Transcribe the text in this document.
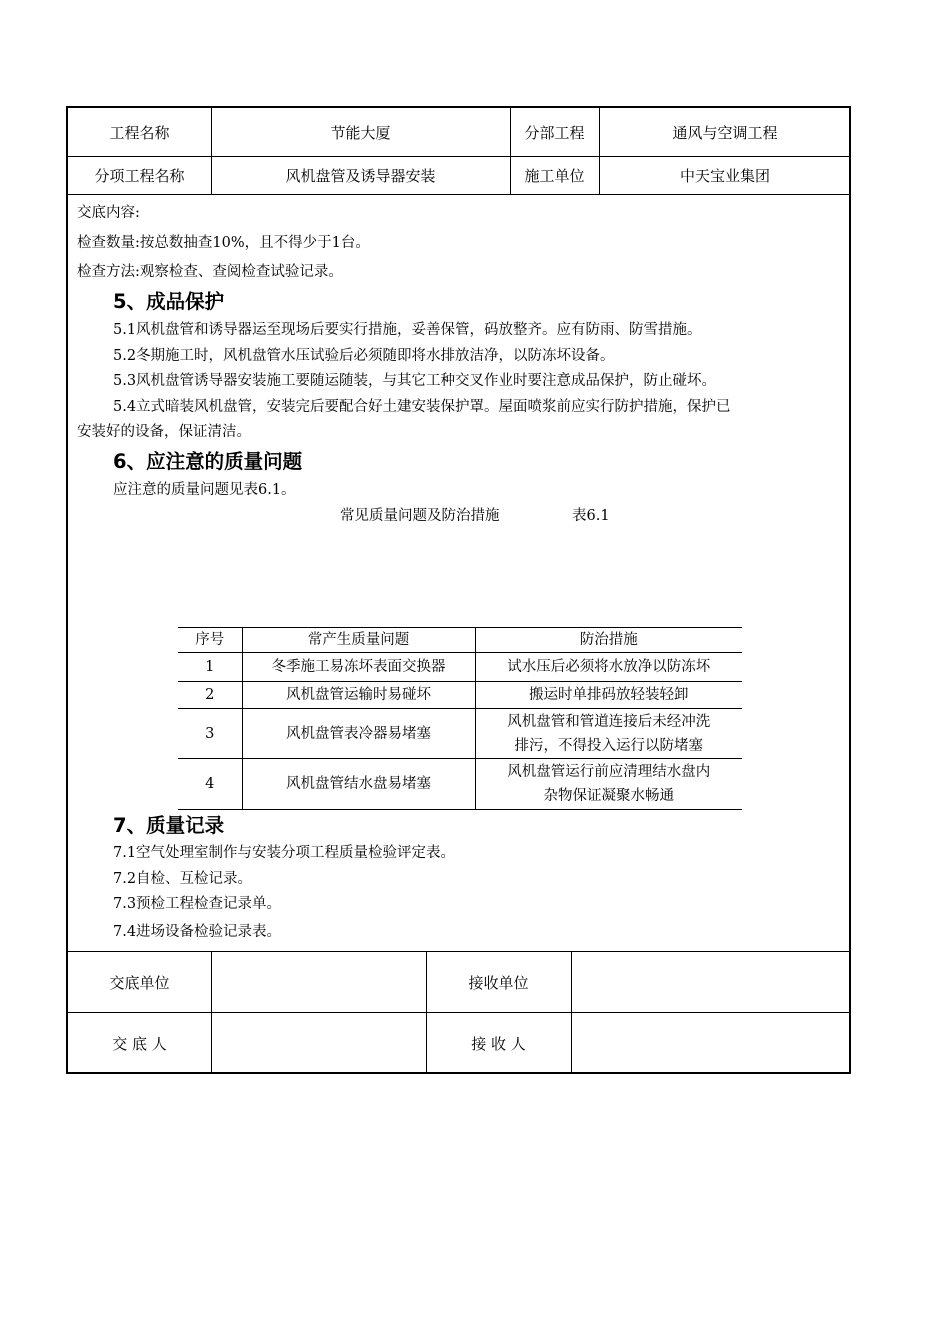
工程名称	节能大厦	分部工程	通风与空调工程
分项工程名称	风机盘管及诱导器安装	施工单位	中天宝业集团
交底内容:
检查数量:按总数抽查10%，且不得少于1台。
检查方法:观察检查、查阅检查试验记录。
5、成品保护
5.1风机盘管和诱导器运至现场后要实行措施，妥善保管，码放整齐。应有防雨、防雪措施。
5.2冬期施工时，风机盘管水压试验后必须随即将水排放洁净，以防冻坏设备。
5.3风机盘管诱导器安装施工要随运随装，与其它工种交叉作业时要注意成品保护，防止碰坏。
5.4立式暗装风机盘管，安装完后要配合好土建安装保护罩。屋面喷浆前应实行防护措施，保护已
安装好的设备，保证清洁。
6、应注意的质量问题
应注意的质量问题见表6.1。
常见质量问题及防治措施	表6.1
序号	常产生质量问题	防治措施
1	冬季施工易冻坏表面交换器	试水压后必须将水放净以防冻坏

2	风机盘管运输时易碰坏	搬运时单排码放轻装轻卸

3	风机盘管表冷器易堵塞	风机盘管和管道连接后未经冲洗
排污，不得投入运行以防堵塞

4	风机盘管结水盘易堵塞	风机盘管运行前应清理结水盘内
杂物保证凝聚水畅通
7、质量记录
7.1空气处理室制作与安装分项工程质量检验评定表。
7.2自检、互检记录。
7.3预检工程检查记录单。
7.4进场设备检验记录表。
交底单位	接收单位
交 底 人	接 收 人
